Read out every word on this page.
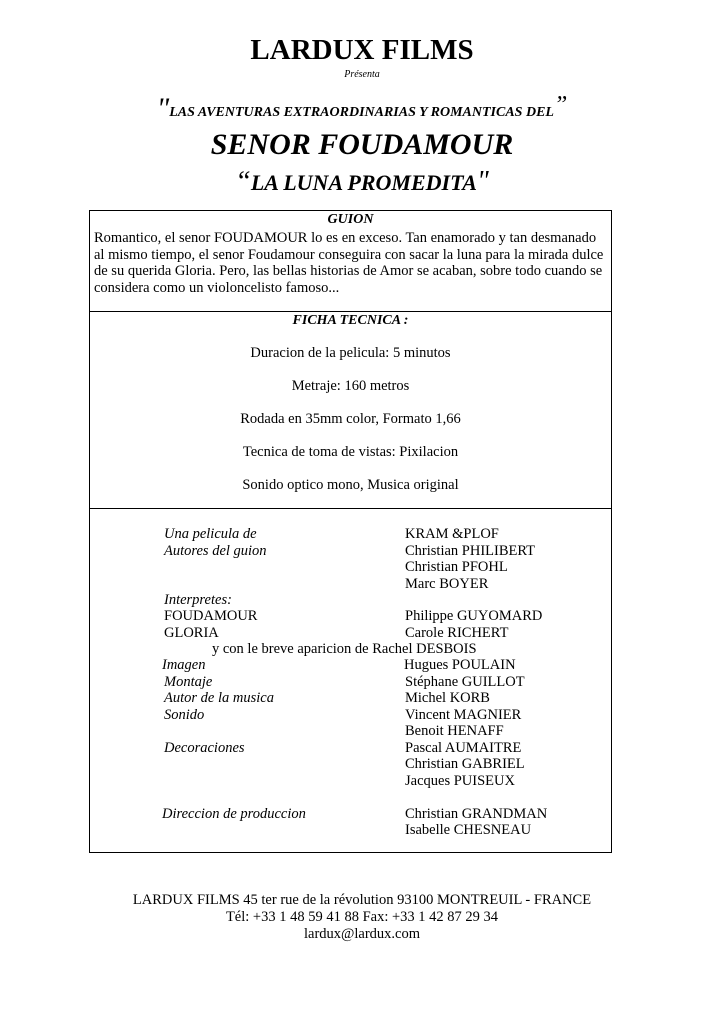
LARDUX FILMS
Présenta
"LAS AVENTURAS EXTRAORDINARIAS Y ROMANTICAS DEL”
SENOR FOUDAMOUR
“LA LUNA PROMEDITA"
GUION
Romantico, el senor FOUDAMOUR lo es en exceso. Tan enamorado y tan desmanado al mismo tiempo, el senor Foudamour conseguira con sacar la luna para la mirada dulce de su querida Gloria. Pero, las bellas historias de Amor se acaban, sobre todo cuando se considera como un violoncelisto famoso...
FICHA TECNICA :
Duracion de la pelicula: 5 minutos
Metraje: 160 metros
Rodada en 35mm color, Formato 1,66
Tecnica de toma de vistas: Pixilacion
Sonido optico mono, Musica original
Una pelicula de	KRAM &PLOF
Autores del guion	Christian PHILIBERT
Christian PFOHL
Marc BOYER
Interpretes:
FOUDAMOUR	Philippe GUYOMARD
GLORIA	Carole RICHERT
y con le breve aparicion de Rachel DESBOIS
Imagen	Hugues POULAIN
Montaje	Stéphane GUILLOT
Autor de la musica	Michel KORB
Sonido	Vincent MAGNIER
Benoit HENAFF
Decoraciones	Pascal AUMAITRE
Christian GABRIEL
Jacques PUISEUX
Direccion de produccion	Christian GRANDMAN
Isabelle CHESNEAU
LARDUX FILMS 45 ter rue de la révolution 93100 MONTREUIL - FRANCE
Tél: +33 1 48 59 41 88 Fax: +33 1 42 87 29 34
lardux@lardux.com
